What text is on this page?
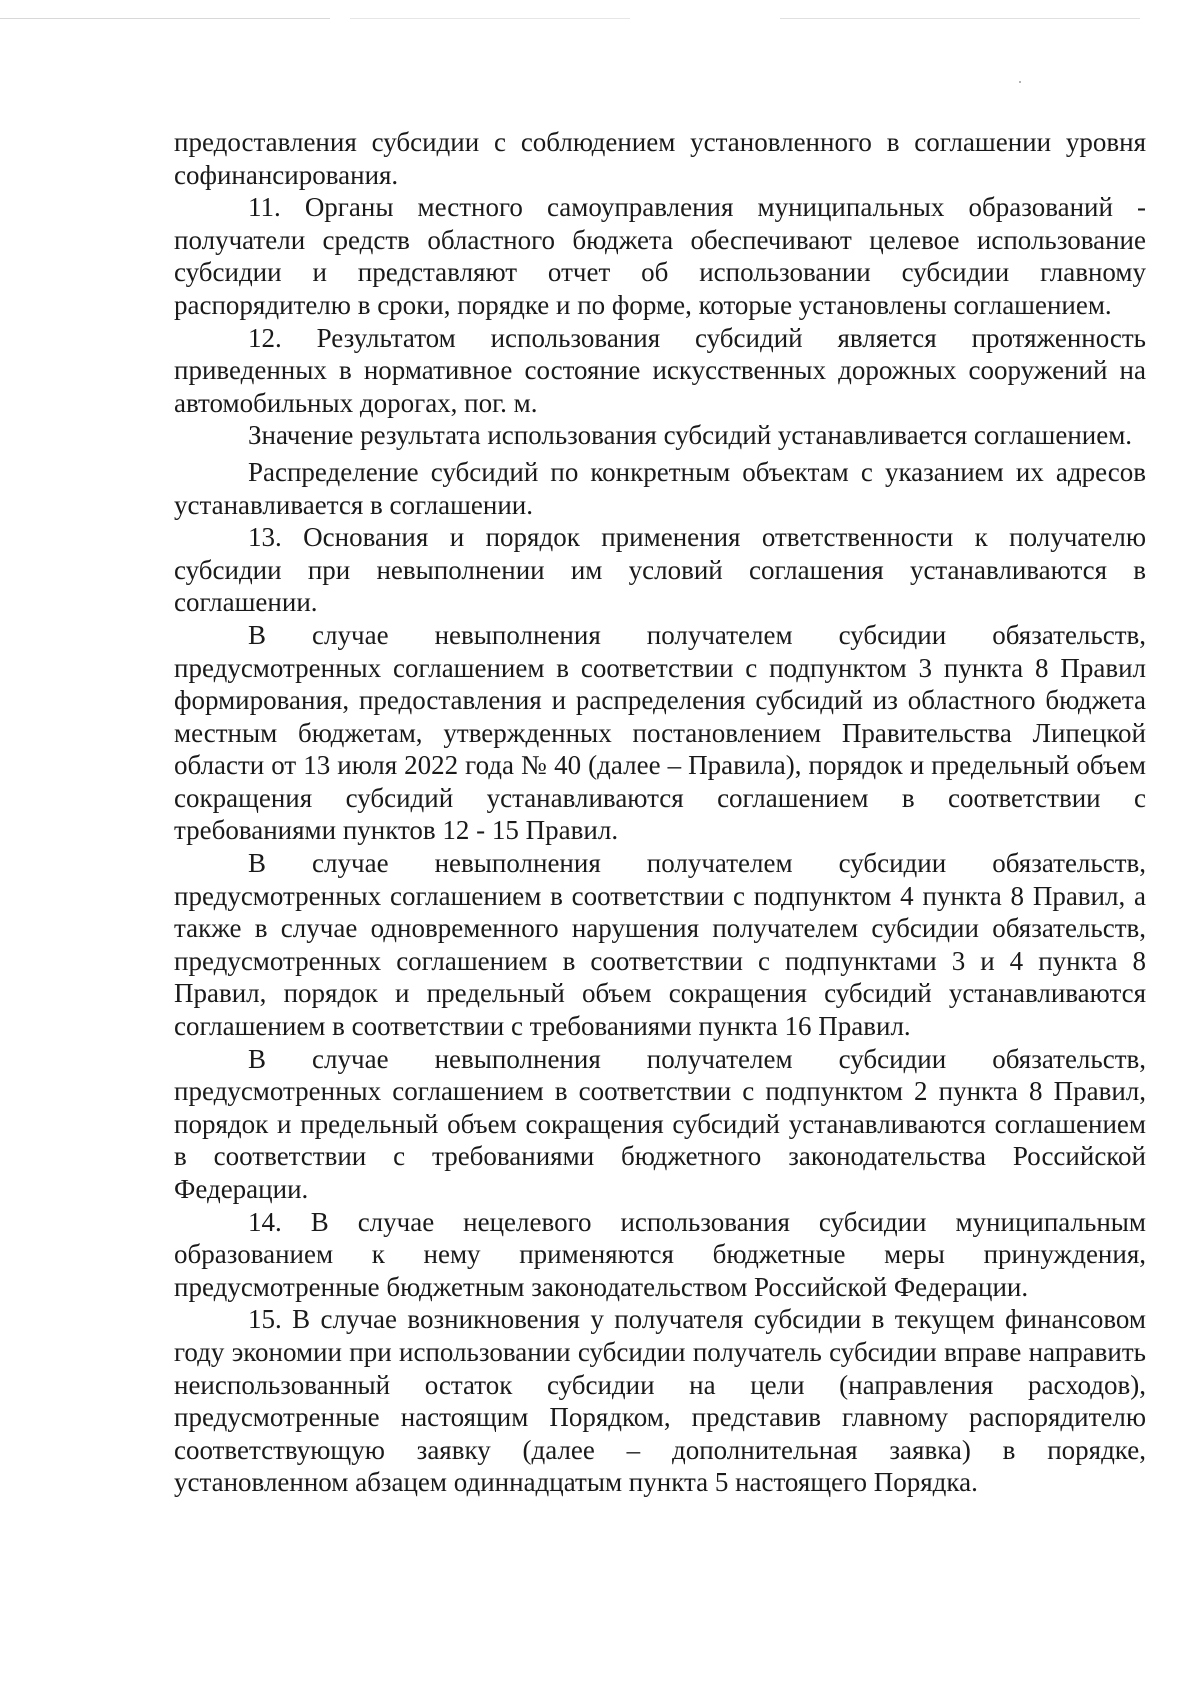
предоставления субсидии с соблюдением установленного в соглашении уровня софинансирования.

11. Органы местного самоуправления муниципальных образований - получатели средств областного бюджета обеспечивают целевое использование субсидии и представляют отчет об использовании субсидии главному распорядителю в сроки, порядке и по форме, которые установлены соглашением.

12. Результатом использования субсидий является протяженность приведенных в нормативное состояние искусственных дорожных сооружений на автомобильных дорогах, пог. м.

Значение результата использования субсидий устанавливается соглашением.

Распределение субсидий по конкретным объектам с указанием их адресов устанавливается в соглашении.

13. Основания и порядок применения ответственности к получателю субсидии при невыполнении им условий соглашения устанавливаются в соглашении.

В случае невыполнения получателем субсидии обязательств, предусмотренных соглашением в соответствии с подпунктом 3 пункта 8 Правил формирования, предоставления и распределения субсидий из областного бюджета местным бюджетам, утвержденных постановлением Правительства Липецкой области от 13 июля 2022 года № 40 (далее – Правила), порядок и предельный объем сокращения субсидий устанавливаются соглашением в соответствии с требованиями пунктов 12 - 15 Правил.

В случае невыполнения получателем субсидии обязательств, предусмотренных соглашением в соответствии с подпунктом 4 пункта 8 Правил, а также в случае одновременного нарушения получателем субсидии обязательств, предусмотренных соглашением в соответствии с подпунктами 3 и 4 пункта 8 Правил, порядок и предельный объем сокращения субсидий устанавливаются соглашением в соответствии с требованиями пункта 16 Правил.

В случае невыполнения получателем субсидии обязательств, предусмотренных соглашением в соответствии с подпунктом 2 пункта 8 Правил, порядок и предельный объем сокращения субсидий устанавливаются соглашением в соответствии с требованиями бюджетного законодательства Российской Федерации.

14. В случае нецелевого использования субсидии муниципальным образованием к нему применяются бюджетные меры принуждения, предусмотренные бюджетным законодательством Российской Федерации.

15. В случае возникновения у получателя субсидии в текущем финансовом году экономии при использовании субсидии получатель субсидии вправе направить неиспользованный остаток субсидии на цели (направления расходов), предусмотренные настоящим Порядком, представив главному распорядителю соответствующую заявку (далее – дополнительная заявка) в порядке, установленном абзацем одиннадцатым пункта 5 настоящего Порядка.
